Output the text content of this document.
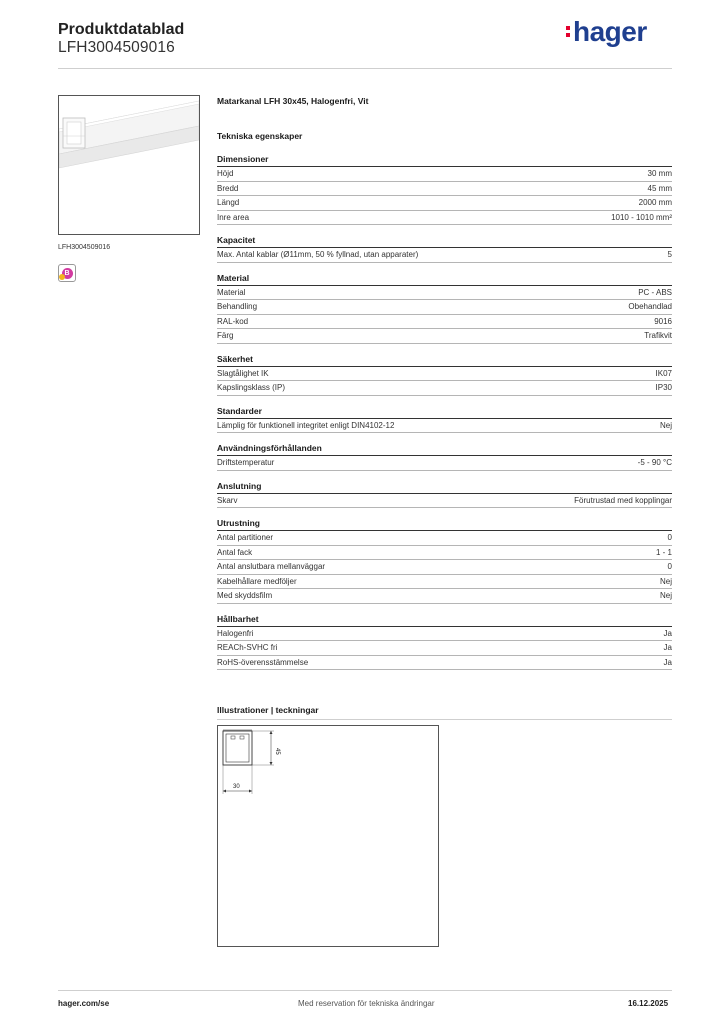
Produktdatablad
LFH3004509016
hager
LFH3004509016
B
Matarkanal LFH 30x45, Halogenfri, Vit
Tekniska egenskaper
Dimensioner
Höjd	30 mm
Bredd	45 mm
Längd	2000 mm
Inre area	1010 - 1010 mm²
Kapacitet
Max. Antal kablar (Ø11mm, 50 % fyllnad, utan apparater)	5
Material
Material	PC - ABS
Behandling	Obehandlad
RAL-kod	9016
Färg	Trafikvit
Säkerhet
Slagtålighet IK	IK07
Kapslingsklass (IP)	IP30
Standarder
Lämplig för funktionell integritet enligt DIN4102-12	Nej
Användningsförhållanden
Driftstemperatur	-5 - 90 °C
Anslutning
Skarv	Förutrustad med kopplingar
Utrustning
Antal partitioner	0
Antal fack	1 - 1
Antal anslutbara mellanväggar	0
Kabelhållare medföljer	Nej
Med skyddsfilm	Nej
Hållbarhet
Halogenfri	Ja
REACh-SVHC fri	Ja
RoHS-överensstämmelse	Ja
Illustrationer | teckningar
45
30
hager.com/se	Med reservation för tekniska ändringar	16.12.2025
